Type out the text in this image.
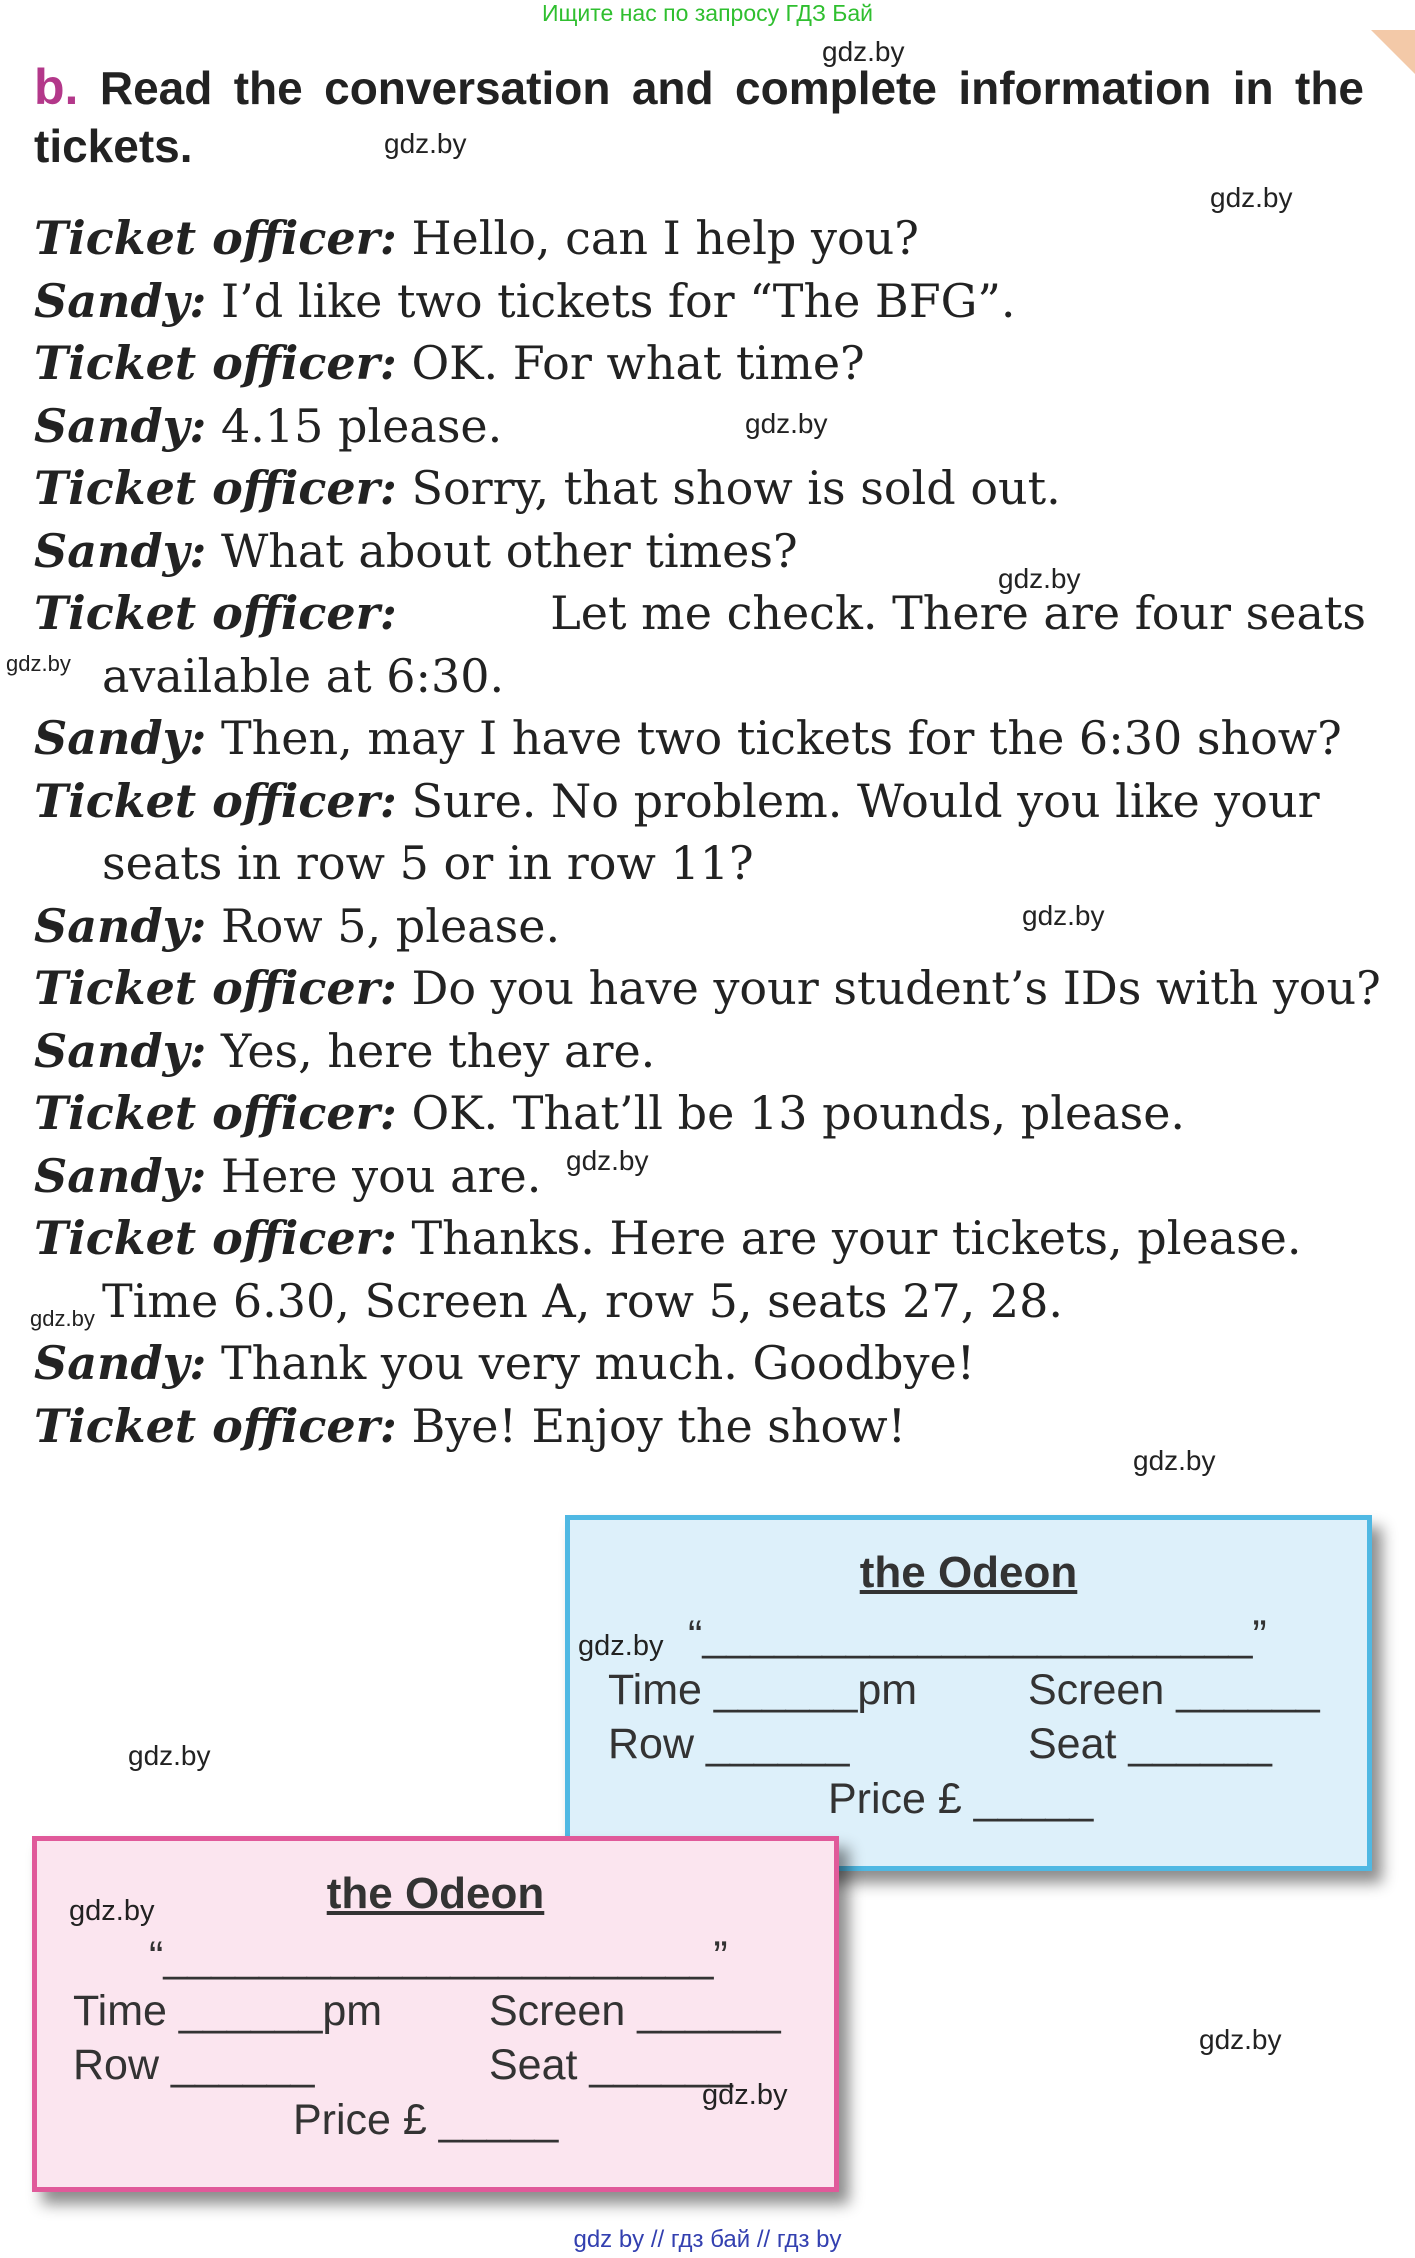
Ищите нас по запросу ГДЗ Бай
b. Read the conversation and complete information in the tickets.
Ticket officer: Hello, can I help you?
Sandy: I’d like two tickets for “The BFG”.
Ticket officer: OK. For what time?
Sandy: 4.15 please.
Ticket officer: Sorry, that show is sold out.
Sandy: What about other times?
Ticket officer:	Let me check. There are four seats
available at 6:30.
Sandy: Then, may I have two tickets for the 6:30 show?
Ticket officer: Sure. No problem. Would you like your
seats in row 5 or in row 11?
Sandy: Row 5, please.
Ticket officer: Do you have your student’s IDs with you?
Sandy: Yes, here they are.
Ticket officer: OK. That’ll be 13 pounds, please.
Sandy: Here you are.
Ticket officer: Thanks. Here are your tickets, please.
Time 6.30, Screen A, row 5, seats 27, 28.
Sandy: Thank you very much. Goodbye!
Ticket officer: Bye! Enjoy the show!
gdz.by
gdz.by
gdz.by
gdz.by
gdz.by
gdz.by
gdz.by
gdz.by
gdz.by
gdz.by
gdz.by
gdz.by
the Odeon
gdz.by “_______________________”
Time ______pm	Screen ______
Row ______	Seat ______
Price £ _____
the Odeon
gdz.by
“_______________________”
Time ______pm Screen ______
Row ______	Seat ______
gdz.by
Price £ _____
gdz by // гдз бай // гдз by
